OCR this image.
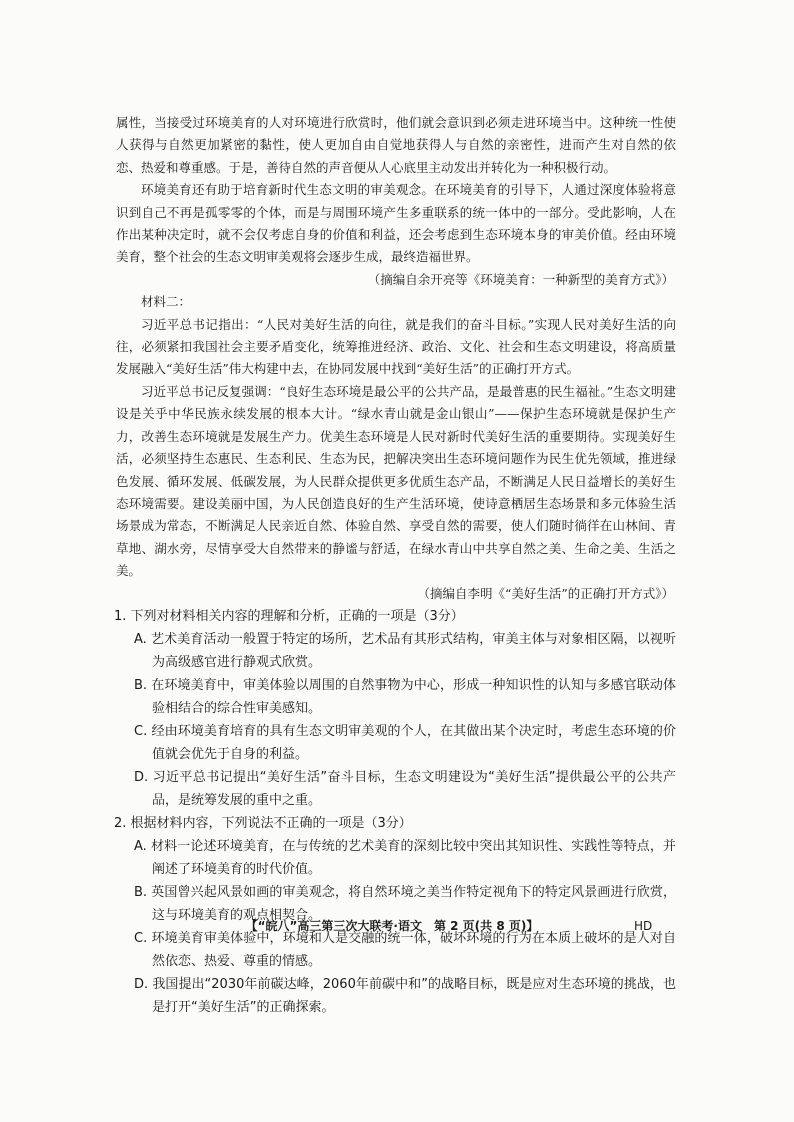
属性，当接受过环境美育的人对环境进行欣赏时，他们就会意识到必须走进环境当中。这种统一性使人获得与自然更加紧密的黏性，使人更加自由自觉地获得人与自然的亲密性，进而产生对自然的依恋、热爱和尊重感。于是，善待自然的声音便从人心底里主动发出并转化为一种积极行动。

环境美育还有助于培育新时代生态文明的审美观念。在环境美育的引导下，人通过深度体验将意识到自己不再是孤零零的个体，而是与周围环境产生多重联系的统一体中的一部分。受此影响，人在作出某种决定时，就不会仅考虑自身的价值和利益，还会考虑到生态环境本身的审美价值。经由环境美育，整个社会的生态文明审美观将会逐步生成，最终造福世界。

（摘编自余开亮等《环境美育：一种新型的美育方式》）

材料二：

习近平总书记指出：“人民对美好生活的向往，就是我们的奋斗目标。”实现人民对美好生活的向往，必须紧扣我国社会主要矛盾变化，统筹推进经济、政治、文化、社会和生态文明建设，将高质量发展融入“美好生活”伟大构建中去，在协同发展中找到“美好生活”的正确打开方式。

习近平总书记反复强调：“良好生态环境是最公平的公共产品，是最普惠的民生福祉。”生态文明建设是关乎中华民族永续发展的根本大计。“绿水青山就是金山银山”——保护生态环境就是保护生产力，改善生态环境就是发展生产力。优美生态环境是人民对新时代美好生活的重要期待。实现美好生活，必须坚持生态惠民、生态利民、生态为民，把解决突出生态环境问题作为民生优先领域，推进绿色发展、循环发展、低碳发展，为人民群众提供更多优质生态产品，不断满足人民日益增长的美好生态环境需要。建设美丽中国，为人民创造良好的生产生活环境，使诗意栖居生态场景和多元体验生活场景成为常态，不断满足人民亲近自然、体验自然、享受自然的需要，使人们随时徜徉在山林间、青草地、湖水旁，尽情享受大自然带来的静谧与舒适，在绿水青山中共享自然之美、生命之美、生活之美。

（摘编自李明《“美好生活”的正确打开方式》）

1. 下列对材料相关内容的理解和分析，正确的一项是（3分）

A. 艺术美育活动一般置于特定的场所，艺术品有其形式结构，审美主体与对象相区隔，以视听为高级感官进行静观式欣赏。

B. 在环境美育中，审美体验以周围的自然事物为中心，形成一种知识性的认知与多感官联动体验相结合的综合性审美感知。

C. 经由环境美育培育的具有生态文明审美观的个人，在其做出某个决定时，考虑生态环境的价值就会优先于自身的利益。

D. 习近平总书记提出“美好生活”奋斗目标，生态文明建设为“美好生活”提供最公平的公共产品，是统筹发展的重中之重。

2. 根据材料内容，下列说法不正确的一项是（3分）

A. 材料一论述环境美育，在与传统的艺术美育的深刻比较中突出其知识性、实践性等特点，并阐述了环境美育的时代价值。

B. 英国曾兴起风景如画的审美观念，将自然环境之美当作特定视角下的特定风景画进行欣赏，这与环境美育的观点相契合。

C. 环境美育审美体验中，环境和人是交融的统一体，破坏环境的行为在本质上破坏的是人对自然依恋、热爱、尊重的情感。

D. 我国提出“2030年前碳达峰，2060年前碳中和”的战略目标，既是应对生态环境的挑战，也是打开“美好生活”的正确探索。

【“皖八”高三第三次大联考·语文　第 2 页(共 8 页)】	HD
